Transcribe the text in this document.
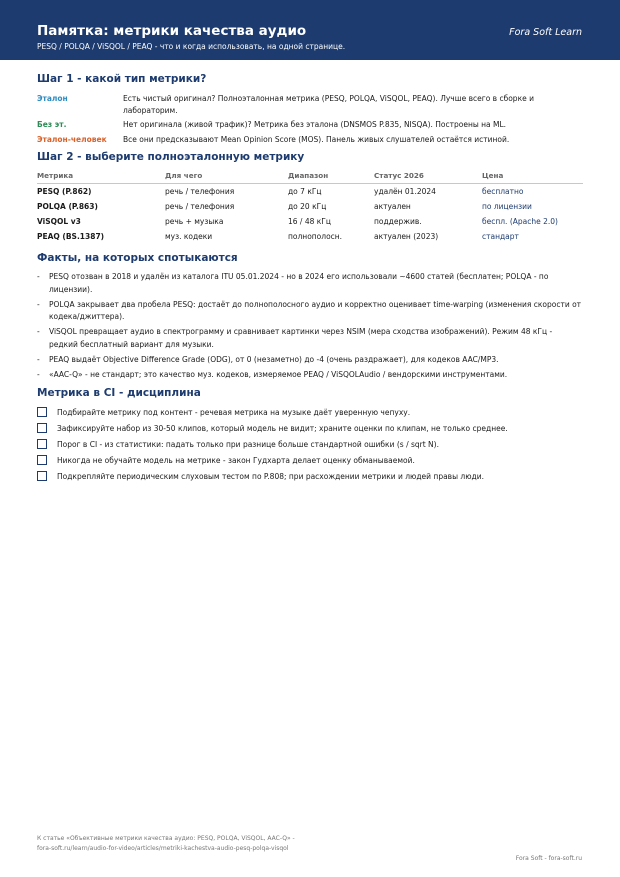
Памятка: метрики качества аудио	Fora Soft Learn
PESQ / POLQA / ViSQOL / PEAQ - что и когда использовать, на одной странице.
Шаг 1 - какой тип метрики?
Эталон	Есть чистый оригинал? Полноэталонная метрика (PESQ, POLQA, ViSQOL, PEAQ). Лучше всего в сборке и лабораторим.
Без эт.	Нет оригинала (живой трафик)? Метрика без эталона (DNSMOS P.835, NISQA). Построены на ML.
Эталон-человек	Все они предсказывают Mean Opinion Score (MOS). Панель живых слушателей остаётся истиной.
Шаг 2 - выберите полноэталонную метрику
Метрика	Для чего	Диапазон	Статус 2026	Цена
PESQ (P.862)	речь / телефония	до 7 кГц	удалён 01.2024	бесплатно
POLQA (P.863)	речь / телефония	до 20 кГц	актуален	по лицензии
ViSQOL v3	речь + музыка	16 / 48 кГц	поддержив.	беспл. (Apache 2.0)
PEAQ (BS.1387)	муз. кодеки	полнополосн.	актуален (2023)	стандарт
Факты, на которых спотыкаются
- PESQ отозван в 2018 и удалён из каталога ITU 05.01.2024 - но в 2024 его использовали ~4600 статей (бесплатен; POLQA - по лицензии).
- POLQA закрывает два пробела PESQ: достаёт до полнополосного аудио и корректно оценивает time-warping (изменения скорости от кодека/джиттера).
- ViSQOL превращает аудио в спектрограмму и сравнивает картинки через NSIM (мера сходства изображений). Режим 48 кГц - редкий бесплатный вариант для музыки.
- PEAQ выдаёт Objective Difference Grade (ODG), от 0 (незаметно) до -4 (очень раздражает), для кодеков AAC/MP3.
- «AAC-Q» - не стандарт; это качество муз. кодеков, измеряемое PEAQ / ViSQOLAudio / вендорскими инструментами.
Метрика в CI - дисциплина
Подбирайте метрику под контент - речевая метрика на музыке даёт уверенную чепуху.
Зафиксируйте набор из 30-50 клипов, который модель не видит; храните оценки по клипам, не только среднее.
Порог в CI - из статистики: падать только при разнице больше стандартной ошибки (s / sqrt N).
Никогда не обучайте модель на метрике - закон Гудхарта делает оценку обманываемой.
Подкрепляйте периодическим слуховым тестом по P.808; при расхождении метрики и людей правы люди.
К статье «Объективные метрики качества аудио: PESQ, POLQA, ViSQOL, AAC-Q» -
fora-soft.ru/learn/audio-for-video/articles/metriki-kachestva-audio-pesq-polqa-visqol
Fora Soft - fora-soft.ru
